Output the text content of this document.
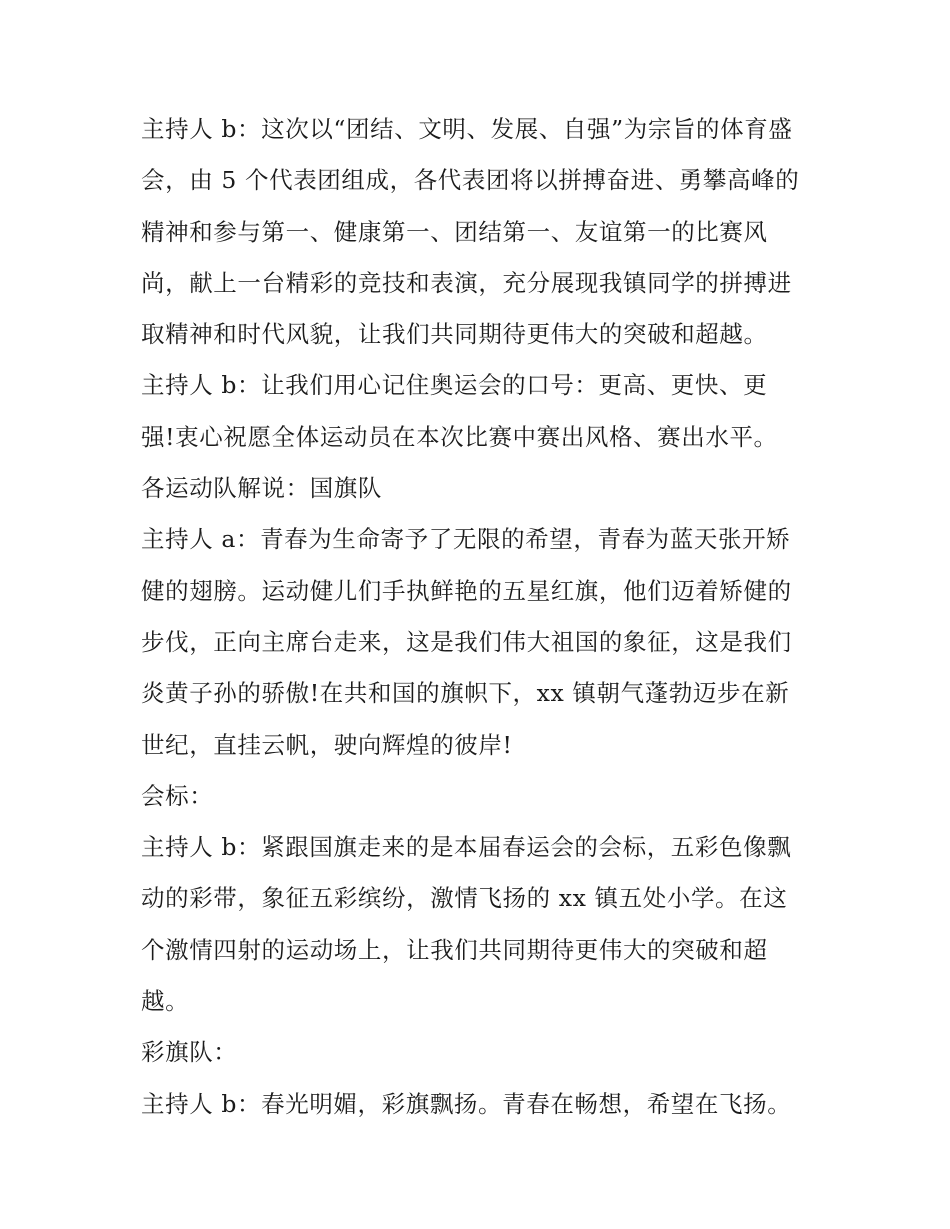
主持人 b：这次以“团结、文明、发展、自强”为宗旨的体育盛
会，由 5 个代表团组成，各代表团将以拼搏奋进、勇攀高峰的
精神和参与第一、健康第一、团结第一、友谊第一的比赛风
尚，献上一台精彩的竞技和表演，充分展现我镇同学的拼搏进
取精神和时代风貌，让我们共同期待更伟大的突破和超越。
主持人 b：让我们用心记住奥运会的口号：更高、更快、更
强!衷心祝愿全体运动员在本次比赛中赛出风格、赛出水平。
各运动队解说：国旗队
主持人 a：青春为生命寄予了无限的希望，青春为蓝天张开矫
健的翅膀。运动健儿们手执鲜艳的五星红旗，他们迈着矫健的
步伐，正向主席台走来，这是我们伟大祖国的象征，这是我们
炎黄子孙的骄傲!在共和国的旗帜下，xx 镇朝气蓬勃迈步在新
世纪，直挂云帆，驶向辉煌的彼岸!
会标：
主持人 b：紧跟国旗走来的是本届春运会的会标，五彩色像飘
动的彩带，象征五彩缤纷，激情飞扬的 xx 镇五处小学。在这
个激情四射的运动场上，让我们共同期待更伟大的突破和超
越。
彩旗队：
主持人 b：春光明媚，彩旗飘扬。青春在畅想，希望在飞扬。
